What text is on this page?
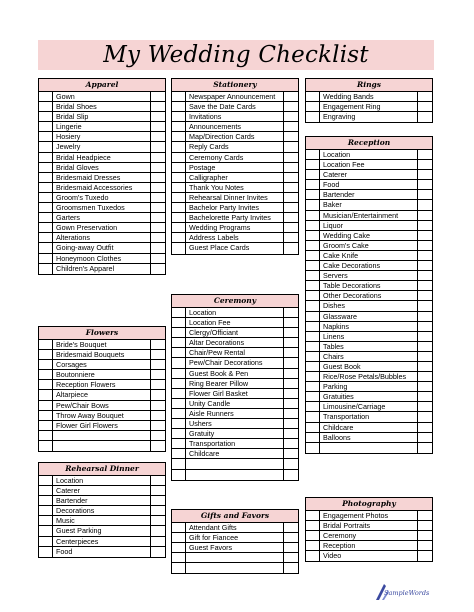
My Wedding Checklist
Apparel
Gown
Bridal Shoes
Bridal Slip
Lingerie
Hosiery
Jewelry
Bridal Headpiece
Bridal Gloves
Bridesmaid Dresses
Bridesmaid Accessories
Groom's Tuxedo
Groomsmen Tuxedos
Garters
Gown Preservation
Alterations
Going-away Outfit
Honeymoon Clothes
Children's Apparel
Flowers
Bride's Bouquet
Bridesmaid Bouquets
Corsages
Boutonniere
Reception Flowers
Altarpiece
Pew/Chair Bows
Throw Away Bouquet
Flower Girl Flowers
Rehearsal Dinner
Location
Caterer
Bartender
Decorations
Music
Guest Parking
Centerpieces
Food
Stationery
Newspaper Announcement
Save the Date Cards
Invitations
Announcements
Map/Direction Cards
Reply Cards
Ceremony Cards
Postage
Calligrapher
Thank You Notes
Rehearsal Dinner Invites
Bachelor Party Invites
Bachelorette Party Invites
Wedding Programs
Address Labels
Guest Place Cards
Ceremony
Location
Location Fee
Clergy/Officiant
Altar Decorations
Chair/Pew Rental
Pew/Chair Decorations
Guest Book & Pen
Ring Bearer Pillow
Flower Girl Basket
Unity Candle
Aisle Runners
Ushers
Gratuity
Transportation
Childcare
Gifts and Favors
Attendant Gifts
Gift for Fiancee
Guest Favors
Rings
Wedding Bands
Engagement Ring
Engraving
Reception
Location
Location Fee
Caterer
Food
Bartender
Baker
Musician/Entertainment
Liquor
Wedding Cake
Groom's Cake
Cake Knife
Cake Decorations
Servers
Table Decorations
Other Decorations
Dishes
Glassware
Napkins
Linens
Tables
Chairs
Guest Book
Rice/Rose Petals/Bubbles
Parking
Gratuities
Limousine/Carriage
Transportation
Childcare
Balloons
Photography
Engagement Photos
Bridal Portraits
Ceremony
Reception
Video
SampleWords
